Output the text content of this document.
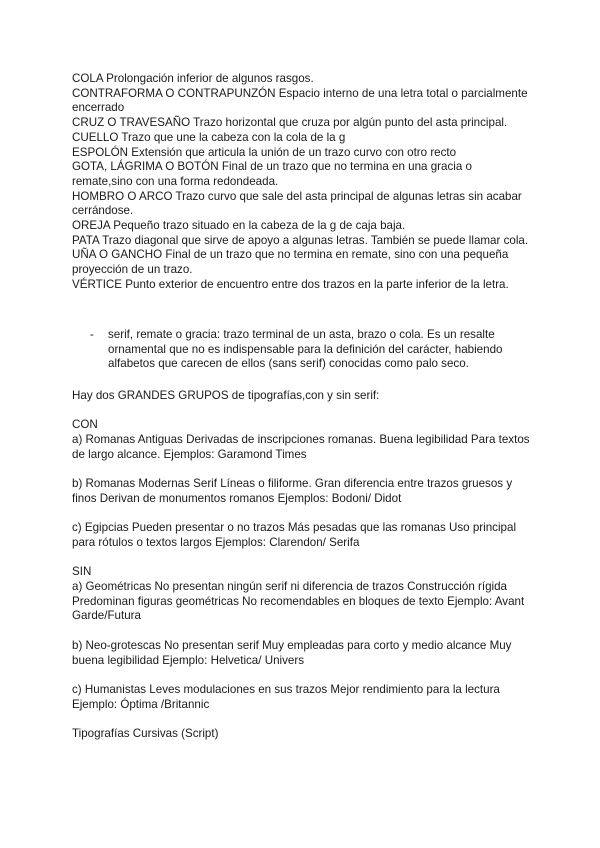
COLA Prolongación inferior de algunos rasgos.

CONTRAFORMA O CONTRAPUNZÓN Espacio interno de una letra total o parcialmente encerrado

CRUZ O TRAVESAÑO Trazo horizontal que cruza por algún punto del asta principal.

CUELLO Trazo que une la cabeza con la cola de la g

ESPOLÓN Extensión que articula la unión de un trazo curvo con otro recto

GOTA, LÁGRIMA O BOTÓN Final de un trazo que no termina en una gracia o remate,sino con una forma redondeada.

HOMBRO O ARCO Trazo curvo que sale del asta principal de algunas letras sin acabar cerrándose.

OREJA Pequeño trazo situado en la cabeza de la g de caja baja.

PATA Trazo diagonal que sirve de apoyo a algunas letras. También se puede llamar cola.

UÑA O GANCHO Final de un trazo que no termina en remate, sino con una pequeña proyección de un trazo.

VÉRTICE Punto exterior de encuentro entre dos trazos en la parte inferior de la letra.

-	serif, remate o gracia: trazo terminal de un asta, brazo o cola. Es un resalte ornamental que no es indispensable para la definición del carácter, habiendo alfabetos que carecen de ellos (sans serif) conocidas como palo seco.

Hay dos GRANDES GRUPOS de tipografías,con y sin serif:

CON

a) Romanas Antiguas Derivadas de inscripciones romanas. Buena legibilidad Para textos de largo alcance. Ejemplos: Garamond Times

b) Romanas Modernas Serif Líneas o filiforme. Gran diferencia entre trazos gruesos y finos Derivan de monumentos romanos Ejemplos: Bodoni/ Didot

c) Egipcias Pueden presentar o no trazos Más pesadas que las romanas Uso principal para rótulos o textos largos Ejemplos: Clarendon/ Serifa

SIN

a) Geométricas No presentan ningún serif ni diferencia de trazos Construcción rígida Predominan figuras geométricas No recomendables en bloques de texto Ejemplo: Avant Garde/Futura

b) Neo-grotescas No presentan serif Muy empleadas para corto y medio alcance Muy buena legibilidad Ejemplo: Helvetica/ Univers

c) Humanistas Leves modulaciones en sus trazos Mejor rendimiento para la lectura Ejemplo: Óptima /Britannic

Tipografías Cursivas (Script)
